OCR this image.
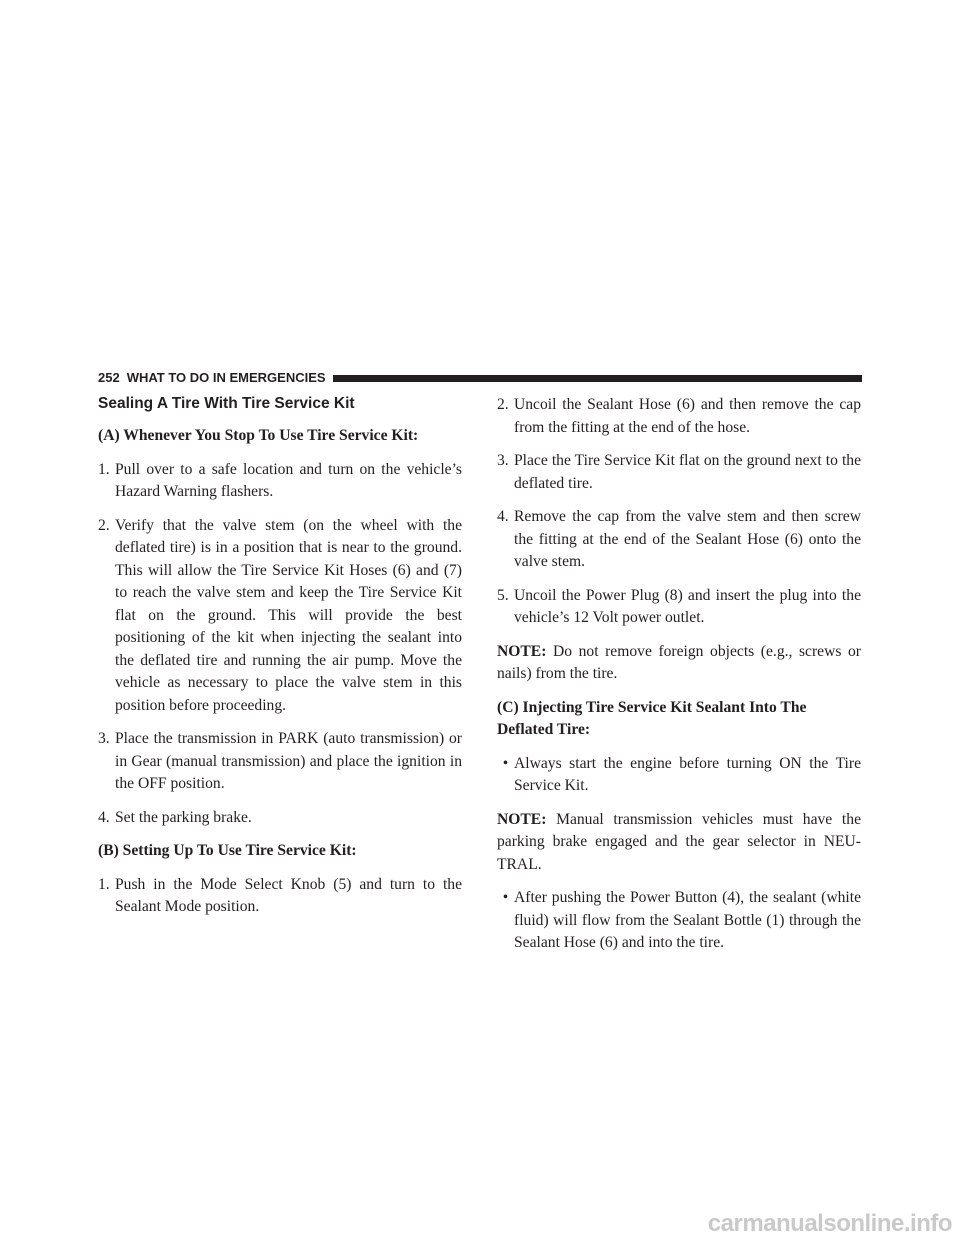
252 WHAT TO DO IN EMERGENCIES
Sealing A Tire With Tire Service Kit
(A) Whenever You Stop To Use Tire Service Kit:
1. Pull over to a safe location and turn on the vehicle’s Hazard Warning flashers.
2. Verify that the valve stem (on the wheel with the deflated tire) is in a position that is near to the ground. This will allow the Tire Service Kit Hoses (6) and (7) to reach the valve stem and keep the Tire Service Kit flat on the ground. This will provide the best positioning of the kit when injecting the sealant into the deflated tire and running the air pump. Move the vehicle as necessary to place the valve stem in this position before proceeding.
3. Place the transmission in PARK (auto transmission) or in Gear (manual transmission) and place the ignition in the OFF position.
4. Set the parking brake.
(B) Setting Up To Use Tire Service Kit:
1. Push in the Mode Select Knob (5) and turn to the Sealant Mode position.
2. Uncoil the Sealant Hose (6) and then remove the cap from the fitting at the end of the hose.
3. Place the Tire Service Kit flat on the ground next to the deflated tire.
4. Remove the cap from the valve stem and then screw the fitting at the end of the Sealant Hose (6) onto the valve stem.
5. Uncoil the Power Plug (8) and insert the plug into the vehicle’s 12 Volt power outlet.
NOTE: Do not remove foreign objects (e.g., screws or nails) from the tire.
(C) Injecting Tire Service Kit Sealant Into The Deflated Tire:
• Always start the engine before turning ON the Tire Service Kit.
NOTE: Manual transmission vehicles must have the parking brake engaged and the gear selector in NEU-TRAL.
• After pushing the Power Button (4), the sealant (white fluid) will flow from the Sealant Bottle (1) through the Sealant Hose (6) and into the tire.
carmanualsonline.info
